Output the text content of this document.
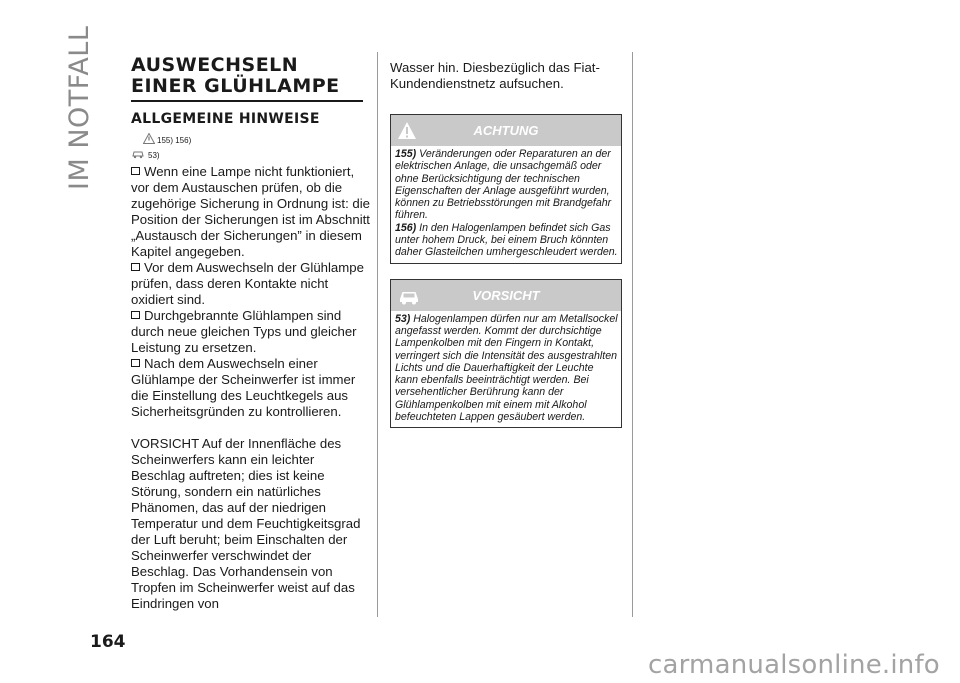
IM NOTFALL AUSWECHSELN
EINER GLÜHLAMPE
ALLGEMEINE HINWEISE
155) 156)
53)

Wenn eine Lampe nicht funktioniert, vor dem Austauschen prüfen, ob die zugehörige Sicherung in Ordnung ist: die Position der Sicherungen ist im Abschnitt „Austausch der Sicherungen” in diesem Kapitel angegeben.

Vor dem Auswechseln der Glühlampe prüfen, dass deren Kontakte nicht oxidiert sind.

Durchgebrannte Glühlampen sind durch neue gleichen Typs und gleicher Leistung zu ersetzen.

Nach dem Auswechseln einer Glühlampe der Scheinwerfer ist immer die Einstellung des Leuchtkegels aus Sicherheitsgründen zu kontrollieren.

VORSICHT Auf der Innenfläche des Scheinwerfers kann ein leichter Beschlag auftreten; dies ist keine Störung, sondern ein natürliches Phänomen, das auf der niedrigen Temperatur und dem Feuchtigkeitsgrad der Luft beruht; beim Einschalten der Scheinwerfer verschwindet der Beschlag. Das Vorhandensein von Tropfen im Scheinwerfer weist auf das Eindringen von

Wasser hin. Diesbezüglich das Fiat-Kundendienstnetz aufsuchen.

ACHTUNG

155) Veränderungen oder Reparaturen an der elektrischen Anlage, die unsachgemäß oder ohne Berücksichtigung der technischen Eigenschaften der Anlage ausgeführt wurden, können zu Betriebsstörungen mit Brandgefahr führen.

156) In den Halogenlampen befindet sich Gas unter hohem Druck, bei einem Bruch könnten daher Glasteilchen umhergeschleudert werden.

VORSICHT

53) Halogenlampen dürfen nur am Metallsockel angefasst werden. Kommt der durchsichtige Lampenkolben mit den Fingern in Kontakt, verringert sich die Intensität des ausgestrahlten Lichts und die Dauerhaftigkeit der Leuchte kann ebenfalls beeinträchtigt werden. Bei versehentlicher Berührung kann der Glühlampenkolben mit einem mit Alkohol befeuchteten Lappen gesäubert werden.

164
carmanualsonline.info
